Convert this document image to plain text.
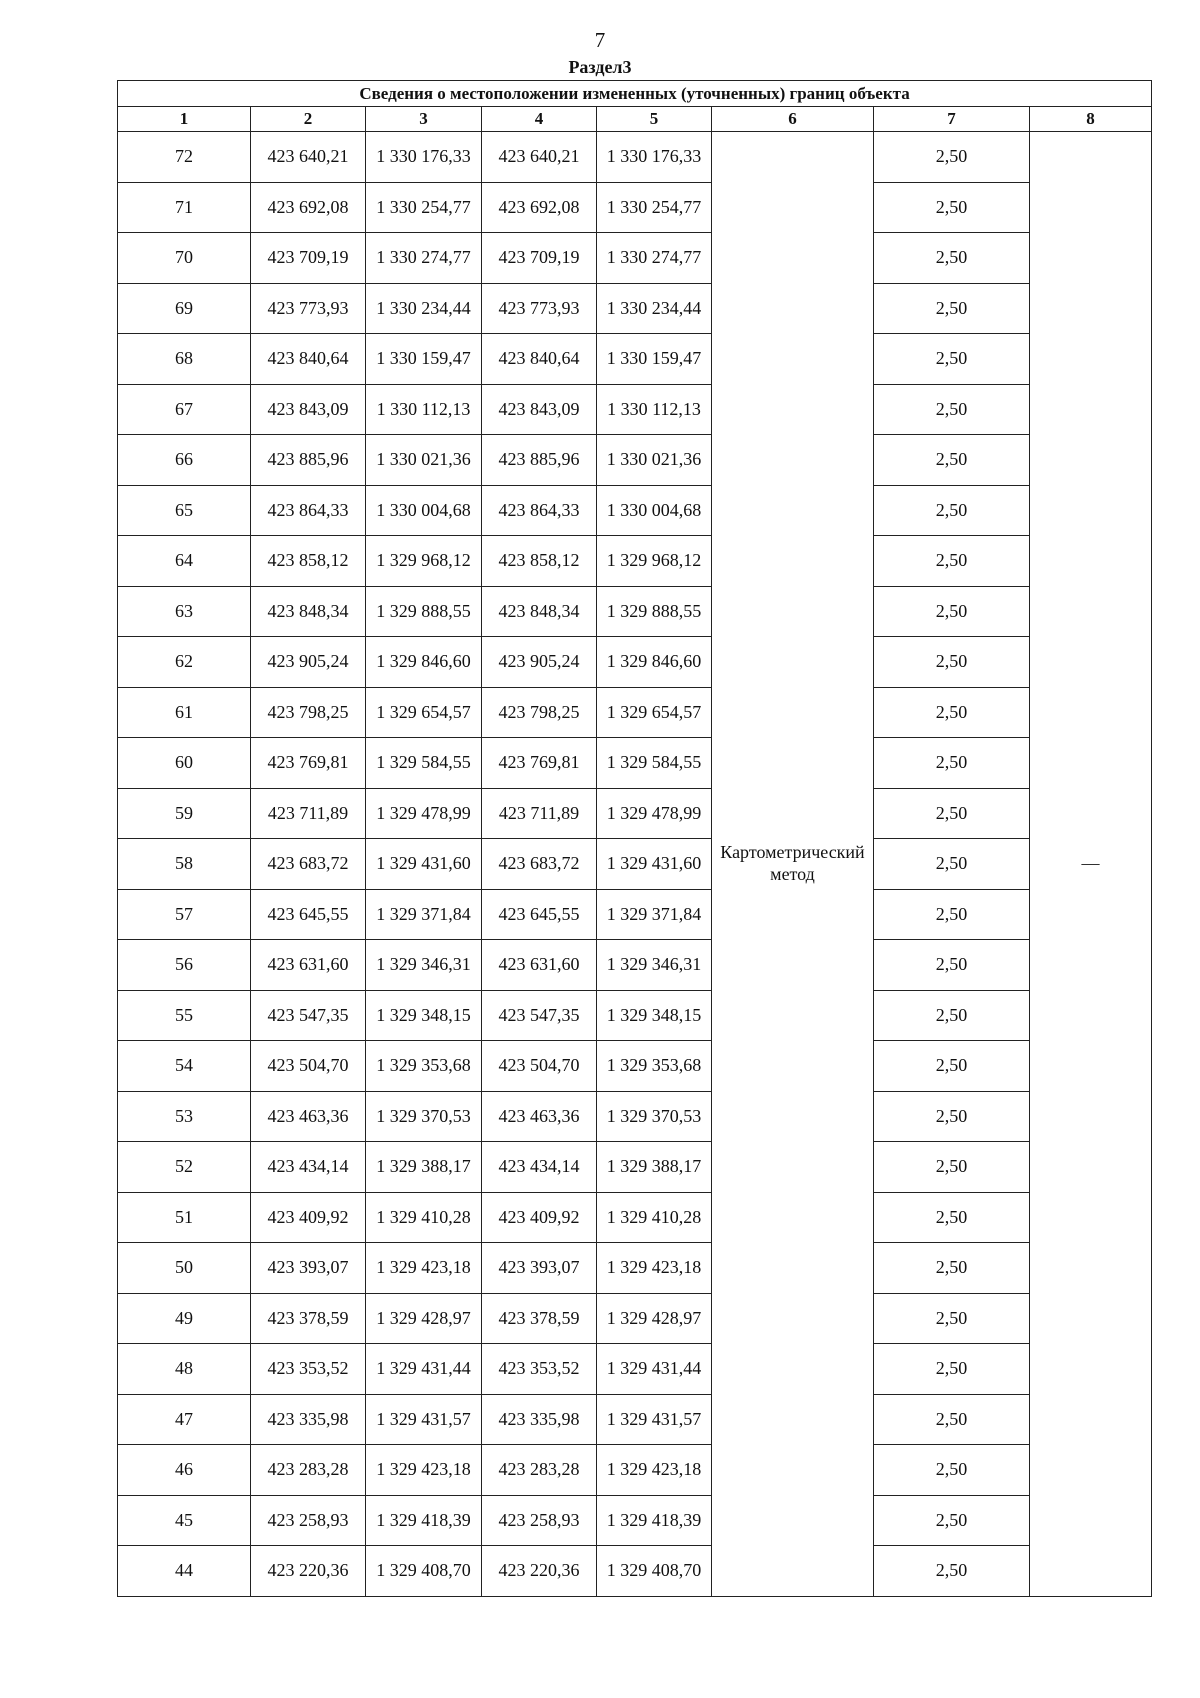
7
Раздел3
Сведения о местоположении измененных (уточненных) границ объекта							
1	2	3	4	5	6	7	8
72	423 640,21	1 330 176,33	423 640,21	1 330 176,33	Картометрический метод	2,50	—
71	423 692,08	1 330 254,77	423 692,08	1 330 254,77		2,50	
70	423 709,19	1 330 274,77	423 709,19	1 330 274,77		2,50	
69	423 773,93	1 330 234,44	423 773,93	1 330 234,44		2,50	
68	423 840,64	1 330 159,47	423 840,64	1 330 159,47		2,50	
67	423 843,09	1 330 112,13	423 843,09	1 330 112,13		2,50	
66	423 885,96	1 330 021,36	423 885,96	1 330 021,36		2,50	
65	423 864,33	1 330 004,68	423 864,33	1 330 004,68		2,50	
64	423 858,12	1 329 968,12	423 858,12	1 329 968,12		2,50	
63	423 848,34	1 329 888,55	423 848,34	1 329 888,55		2,50	
62	423 905,24	1 329 846,60	423 905,24	1 329 846,60		2,50	
61	423 798,25	1 329 654,57	423 798,25	1 329 654,57		2,50	
60	423 769,81	1 329 584,55	423 769,81	1 329 584,55		2,50	
59	423 711,89	1 329 478,99	423 711,89	1 329 478,99		2,50	
58	423 683,72	1 329 431,60	423 683,72	1 329 431,60		2,50	
57	423 645,55	1 329 371,84	423 645,55	1 329 371,84		2,50	
56	423 631,60	1 329 346,31	423 631,60	1 329 346,31		2,50	
55	423 547,35	1 329 348,15	423 547,35	1 329 348,15		2,50	
54	423 504,70	1 329 353,68	423 504,70	1 329 353,68		2,50	
53	423 463,36	1 329 370,53	423 463,36	1 329 370,53		2,50	
52	423 434,14	1 329 388,17	423 434,14	1 329 388,17		2,50	
51	423 409,92	1 329 410,28	423 409,92	1 329 410,28		2,50	
50	423 393,07	1 329 423,18	423 393,07	1 329 423,18		2,50	
49	423 378,59	1 329 428,97	423 378,59	1 329 428,97		2,50	
48	423 353,52	1 329 431,44	423 353,52	1 329 431,44		2,50	
47	423 335,98	1 329 431,57	423 335,98	1 329 431,57		2,50	
46	423 283,28	1 329 423,18	423 283,28	1 329 423,18		2,50	
45	423 258,93	1 329 418,39	423 258,93	1 329 418,39		2,50	
44	423 220,36	1 329 408,70	423 220,36	1 329 408,70		2,50	
